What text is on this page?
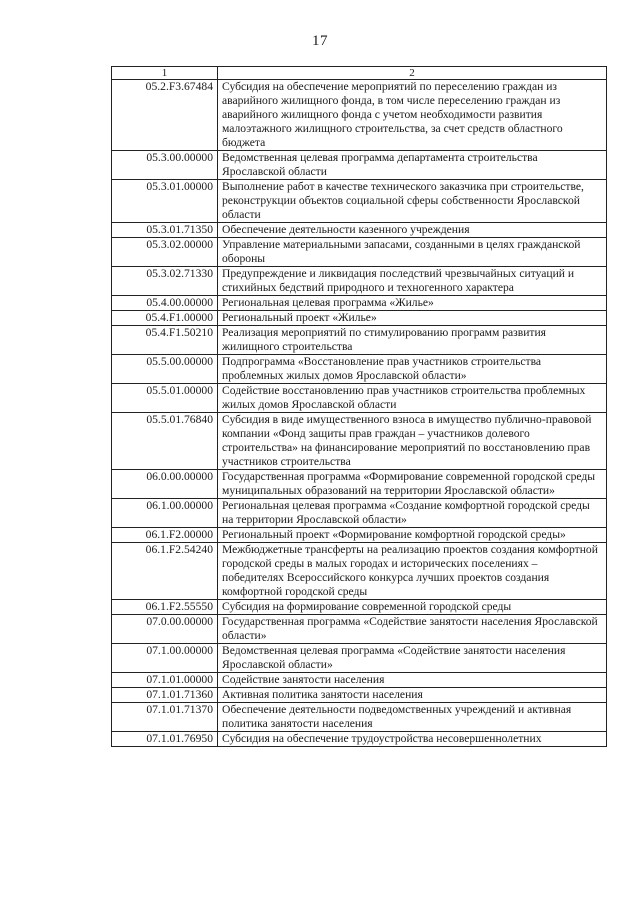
17
1	2
05.2.F3.67484	Субсидия на обеспечение мероприятий по переселению граждан из аварийного жилищного фонда, в том числе переселению граждан из аварийного жилищного фонда с учетом необходимости развития малоэтажного жилищного строительства, за счет средств областного бюджета
05.3.00.00000	Ведомственная целевая программа департамента строительства Ярославской области
05.3.01.00000	Выполнение работ в качестве технического заказчика при строительстве, реконструкции объектов социальной сферы собственности Ярославской области
05.3.01.71350	Обеспечение деятельности казенного учреждения
05.3.02.00000	Управление материальными запасами, созданными в целях гражданской обороны
05.3.02.71330	Предупреждение и ликвидация последствий чрезвычайных ситуаций и стихийных бедствий природного и техногенного характера
05.4.00.00000	Региональная целевая программа «Жилье»
05.4.F1.00000	Региональный проект «Жилье»
05.4.F1.50210	Реализация мероприятий по стимулированию программ развития жилищного строительства
05.5.00.00000	Подпрограмма «Восстановление прав участников строительства проблемных жилых домов Ярославской области»
05.5.01.00000	Содействие восстановлению прав участников строительства проблемных жилых домов Ярославской области
05.5.01.76840	Субсидия в виде имущественного взноса в имущество публично-правовой компании «Фонд защиты прав граждан – участников долевого строительства» на финансирование мероприятий по восстановлению прав участников строительства
06.0.00.00000	Государственная программа «Формирование современной городской среды муниципальных образований на территории Ярославской области»
06.1.00.00000	Региональная целевая программа «Создание комфортной городской среды на территории Ярославской области»
06.1.F2.00000	Региональный проект «Формирование комфортной городской среды»
06.1.F2.54240	Межбюджетные трансферты на реализацию проектов создания комфортной городской среды в малых городах и исторических поселениях – победителях Всероссийского конкурса лучших проектов создания комфортной городской среды
06.1.F2.55550	Субсидия на формирование современной городской среды
07.0.00.00000	Государственная программа «Содействие занятости населения Ярославской области»
07.1.00.00000	Ведомственная целевая программа «Содействие занятости населения Ярославской области»
07.1.01.00000	Содействие занятости населения
07.1.01.71360	Активная политика занятости населения
07.1.01.71370	Обеспечение деятельности подведомственных учреждений и активная политика занятости населения
07.1.01.76950	Субсидия на обеспечение трудоустройства несовершеннолетних
